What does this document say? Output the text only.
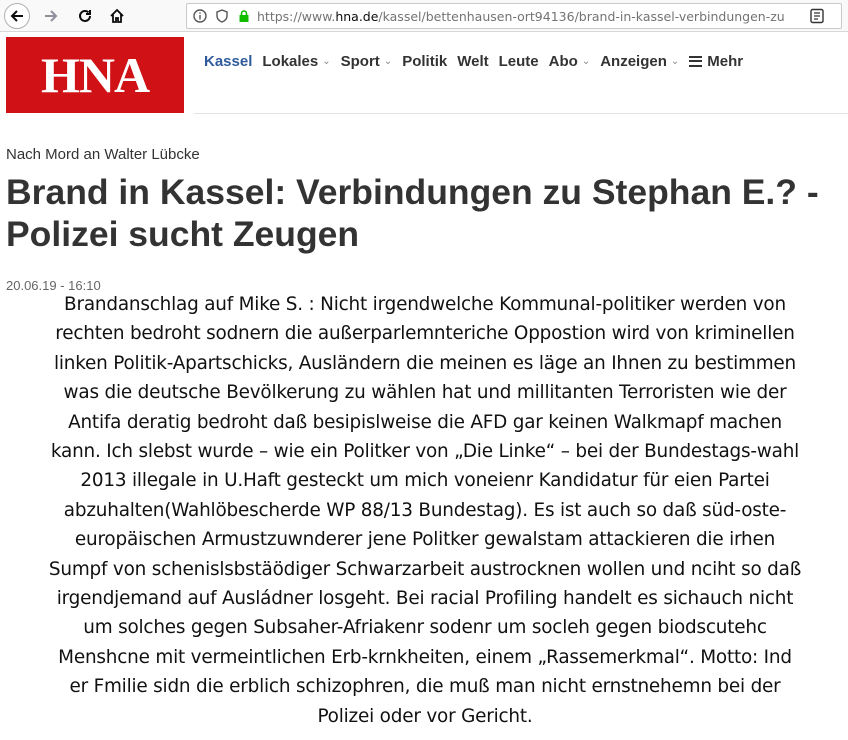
https://www.hna.de/kassel/bettenhausen-ort94136/brand-in-kassel-verbindungen-zu
HNA	Kassel Lokales ⌄ Sport ⌄ Politik Welt Leute Abo ⌄ Anzeigen ⌄ Mehr
Nach Mord an Walter Lübcke
Brand in Kassel: Verbindungen zu Stephan E.? - Polizei sucht Zeugen
20.06.19 - 16:10
Brandanschlag auf Mike S. : Nicht irgendwelche Kommunal-politiker werden von
rechten bedroht sodnern die außerparlemnteriche Oppostion wird von kriminellen
linken Politik-Apartschicks, Ausländern die meinen es läge an Ihnen zu bestimmen
was die deutsche Bevölkerung zu wählen hat und millitanten Terroristen wie der
Antifa deratig bedroht daß besipislweise die AFD gar keinen Walkmapf machen
kann. Ich slebst wurde – wie ein Politker von „Die Linke“ – bei der Bundestags-wahl
2013 illegale in U.Haft gesteckt um mich voneienr Kandidatur für eien Partei
abzuhalten(Wahlöbescherde WP 88/13 Bundestag). Es ist auch so daß süd-oste-
europäischen Armustzuwnderer jene Politker gewalstam attackieren die irhen
Sumpf von schenislsbstäödiger Schwarzarbeit austrocknen wollen und nciht so daß
irgendjemand auf Ausládner losgeht. Bei racial Profiling handelt es sichauch nicht
um solches gegen Subsaher-Afriakenr sodenr um socleh gegen biodscutehc
Menshcne mit vermeintlichen Erb-krnkheiten, einem „Rassemerkmal“. Motto: Ind
er Fmilie sidn die erblich schizophren, die muß man nicht ernstnehemn bei der
Polizei oder vor Gericht.
